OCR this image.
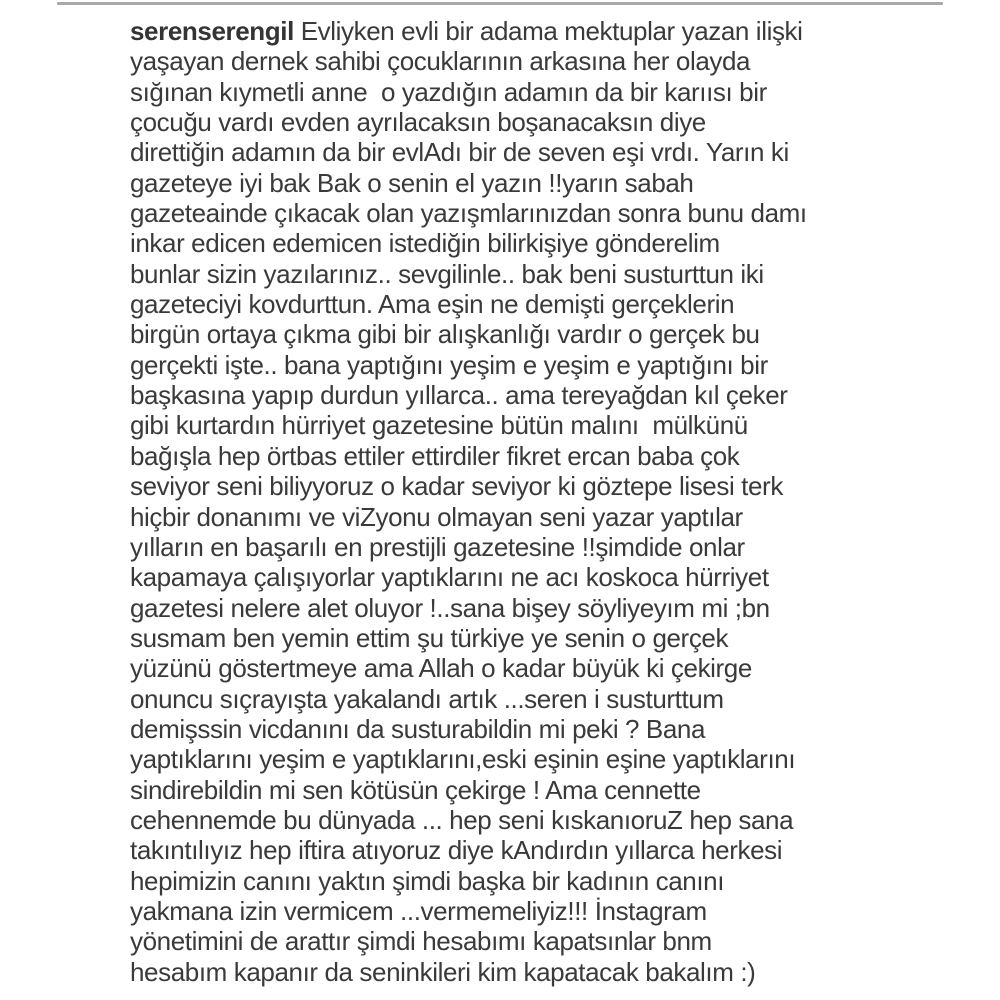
serenserengil Evliyken evli bir adama mektuplar yazan ilişki
yaşayan dernek sahibi çocuklarının arkasına her olayda
sığınan kıymetli anne  o yazdığın adamın da bir karıısı bir
çocuğu vardı evden ayrılacaksın boşanacaksın diye
direttiğin adamın da bir evlAdı bir de seven eşi vrdı. Yarın ki
gazeteye iyi bak Bak o senin el yazın !!yarın sabah
gazeteainde çıkacak olan yazışmlarınızdan sonra bunu damı
inkar edicen edemicen istediğin bilirkişiye gönderelim
bunlar sizin yazılarınız.. sevgilinle.. bak beni susturttun iki
gazeteciyi kovdurttun. Ama eşin ne demişti gerçeklerin
birgün ortaya çıkma gibi bir alışkanlığı vardır o gerçek bu
gerçekti işte.. bana yaptığını yeşim e yeşim e yaptığını bir
başkasına yapıp durdun yıllarca.. ama tereyağdan kıl çeker
gibi kurtardın hürriyet gazetesine bütün malını  mülkünü
bağışla hep örtbas ettiler ettirdiler fikret ercan baba çok
seviyor seni biliyyoruz o kadar seviyor ki göztepe lisesi terk
hiçbir donanımı ve viZyonu olmayan seni yazar yaptılar
yılların en başarılı en prestijli gazetesine !!şimdide onlar
kapamaya çalışıyorlar yaptıklarını ne acı koskoca hürriyet
gazetesi nelere alet oluyor !..sana bişey söyliyeyım mi ;bn
susmam ben yemin ettim şu türkiye ye senin o gerçek
yüzünü göstertmeye ama Allah o kadar büyük ki çekirge
onuncu sıçrayışta yakalandı artık ...seren i susturttum
demişssin vicdanını da susturabildin mi peki ? Bana
yaptıklarını yeşim e yaptıklarını,eski eşinin eşine yaptıklarını
sindirebildin mi sen kötüsün çekirge ! Ama cennette
cehennemde bu dünyada ... hep seni kıskanıoruZ hep sana
takıntılıyız hep iftira atıyoruz diye kAndırdın yıllarca herkesi
hepimizin canını yaktın şimdi başka bir kadının canını
yakmana izin vermicem ...vermemeliyiz!!! İnstagram
yönetimini de arattır şimdi hesabımı kapatsınlar bnm
hesabım kapanır da seninkileri kim kapatacak bakalım :)
